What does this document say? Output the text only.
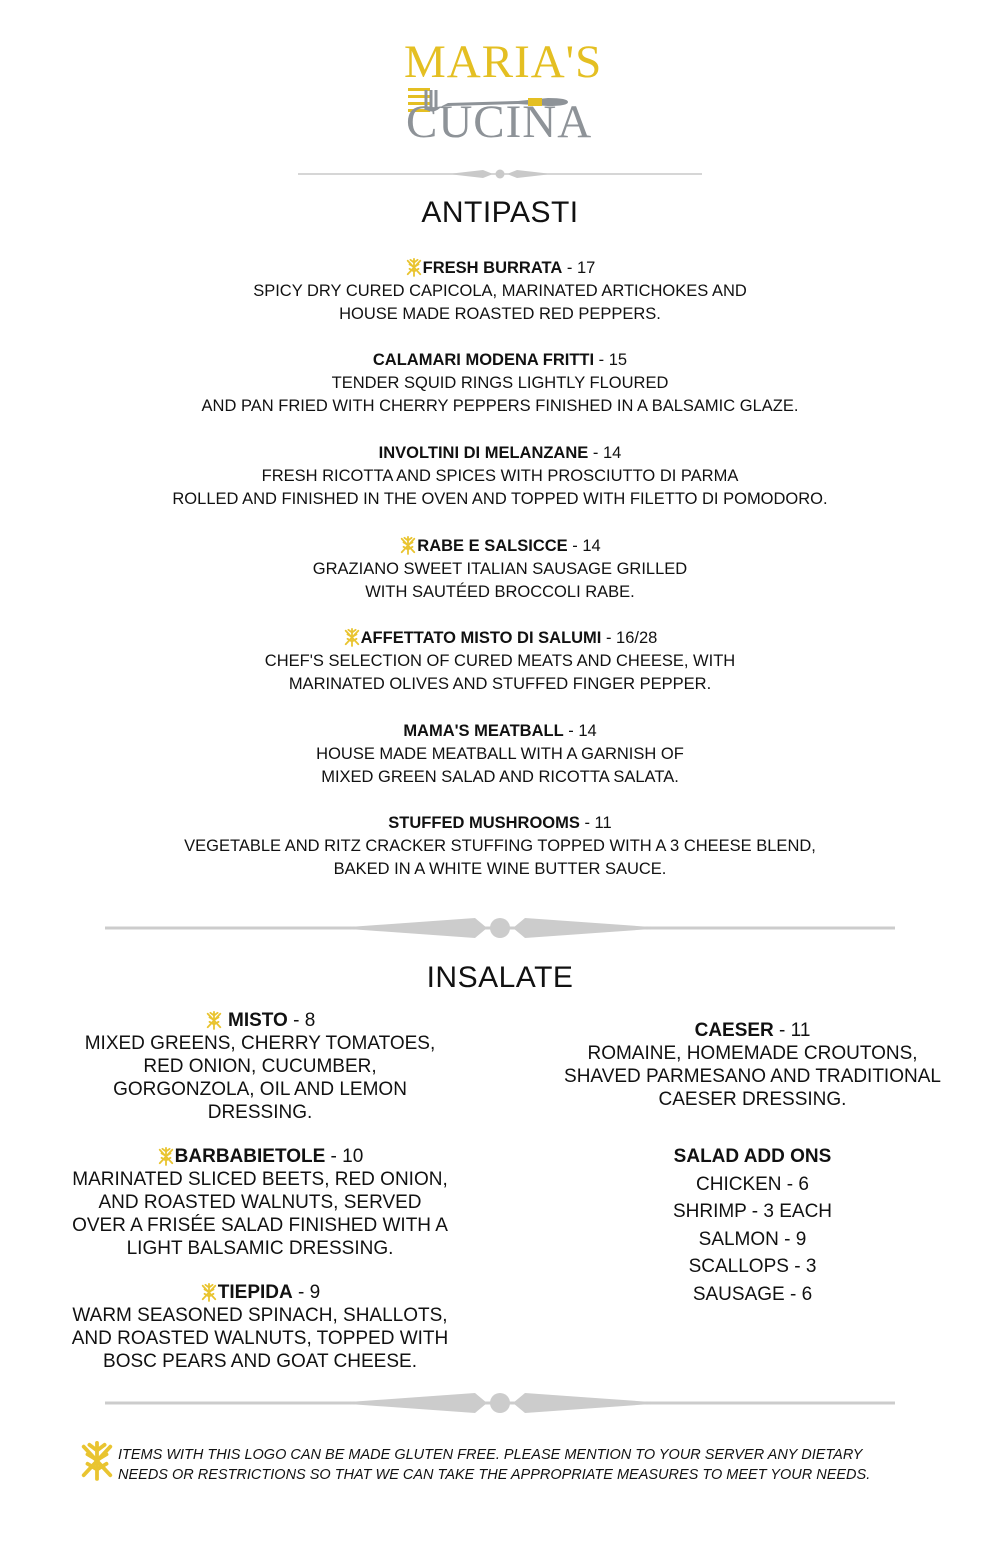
MARIA'S
CUCINA
ANTIPASTI
FRESH BURRATA - 17
SPICY DRY CURED CAPICOLA, MARINATED ARTICHOKES AND
HOUSE MADE ROASTED RED PEPPERS.
CALAMARI MODENA FRITTI - 15
TENDER SQUID RINGS LIGHTLY FLOURED
AND PAN FRIED WITH CHERRY PEPPERS FINISHED IN A BALSAMIC GLAZE.
INVOLTINI DI MELANZANE - 14
FRESH RICOTTA AND SPICES WITH PROSCIUTTO DI PARMA
ROLLED AND FINISHED IN THE OVEN AND TOPPED WITH FILETTO DI POMODORO.
RABE E SALSICCE - 14
GRAZIANO SWEET ITALIAN SAUSAGE GRILLED
WITH SAUTÉED BROCCOLI RABE.
AFFETTATO MISTO DI SALUMI - 16/28
CHEF'S SELECTION OF CURED MEATS AND CHEESE, WITH
MARINATED OLIVES AND STUFFED FINGER PEPPER.
MAMA'S MEATBALL - 14
HOUSE MADE MEATBALL WITH A GARNISH OF
MIXED GREEN SALAD AND RICOTTA SALATA.
STUFFED MUSHROOMS - 11
VEGETABLE AND RITZ CRACKER STUFFING TOPPED WITH A 3 CHEESE BLEND,
BAKED IN A WHITE WINE BUTTER SAUCE.
INSALATE
MISTO - 8
MIXED GREENS, CHERRY TOMATOES,
RED ONION, CUCUMBER,
GORGONZOLA, OIL AND LEMON
DRESSING.
BARBABIETOLE - 10
MARINATED SLICED BEETS, RED ONION,
AND ROASTED WALNUTS, SERVED
OVER A FRISÉE SALAD FINISHED WITH A
LIGHT BALSAMIC DRESSING.
TIEPIDA - 9
WARM SEASONED SPINACH, SHALLOTS,
AND ROASTED WALNUTS, TOPPED WITH
BOSC PEARS AND GOAT CHEESE.
CAESER - 11
ROMAINE, HOMEMADE CROUTONS,
SHAVED PARMESANO AND TRADITIONAL
CAESER DRESSING.
SALAD ADD ONS
CHICKEN - 6
SHRIMP - 3 EACH
SALMON - 9
SCALLOPS - 3
SAUSAGE - 6
ITEMS WITH THIS LOGO CAN BE MADE GLUTEN FREE. PLEASE MENTION TO YOUR SERVER ANY DIETARY
NEEDS OR RESTRICTIONS SO THAT WE CAN TAKE THE APPROPRIATE MEASURES TO MEET YOUR NEEDS.
